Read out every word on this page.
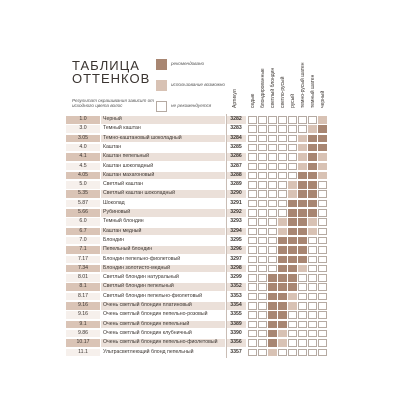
ТАБЛИЦА
ОТТЕНКОВ
Результат окрашивания зависит от исходного цвета волос
рекомендовано
использование возможно
не рекомендуется	Артикул седые блондированные светлый блондин светло-русый русый темно-русый шатен темный шатен черный
1.0	Черный	3282
3.0	Темный каштан	3283
3.05	Темно-каштановый шоколадный	3284
4.0	Каштан	3285
4.1	Каштан пепельный	3286
4.5	Каштан шоколадный	3287
4.05	Каштан махагоновый	3288
5.0	Светлый каштан	3289
5.35	Светлый каштан шоколадный	3290
5.87	Шоколад	3291
5.66	Рубиновый	3292
6.0	Темный блондин	3293
6.7	Каштан медный	3294
7.0	Блондин	3295
7.1	Пепельный блондин	3296
7.17	Блондин пепельно-фиолетовый	3297
7.34	Блондин золотисто-медный	3298
8.01	Светлый блондин натуральный	3299
8.1	Светлый блондин пепельный	3352
8.17	Светлый блондин пепельно-фиолетовый	3353
9.16	Очень светлый блондин платиновый	3354
9.16	Очень светлый блондин пепельно-розовый	3355
9.1	Очень светлый блондин пепельный	3389
9.86	Очень светлый блондин клубничный	3390
10.17	Очень светлый блондин пепельно-фиолетовый	3356
11.1	Ультрасветлеющий блонд пепельный	3357
